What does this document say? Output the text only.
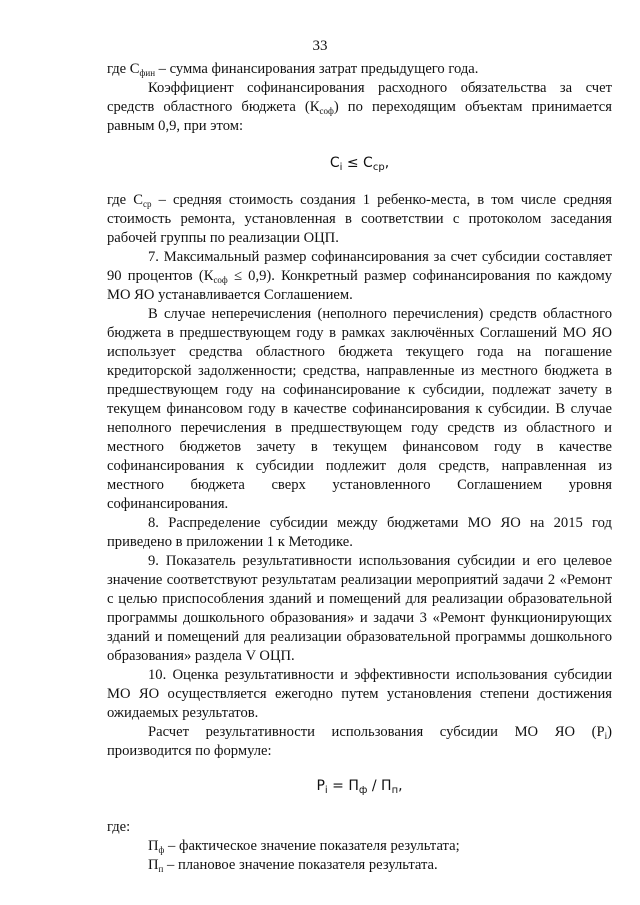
33

где $С_{фин}$ – сумма финансирования затрат предыдущего года.

Коэффициент софинансирования расходного обязательства за счет средств областного бюджета $(К_{соф})$ по переходящим объектам принимается равным 0,9, при этом:

$C_i \le C_{ср}$,

где $С_{ср}$ – средняя стоимость создания 1 ребенко-места, в том числе средняя стоимость ремонта, установленная в соответствии с протоколом заседания рабочей группы по реализации ОЦП.

7. Максимальный размер софинансирования за счет субсидии составляет 90 процентов $(К_{соф} \le 0,9)$. Конкретный размер софинансирования по каждому МО ЯО устанавливается Соглашением.

В случае неперечисления (неполного перечисления) средств областного бюджета в предшествующем году в рамках заключённых Соглашений МО ЯО использует средства областного бюджета текущего года на погашение кредиторской задолженности; средства, направленные из местного бюджета в предшествующем году на софинансирование к субсидии, подлежат зачету в текущем финансовом году в качестве софинансирования к субсидии. В случае неполного перечисления в предшествующем году средств из областного и местного бюджетов зачету в текущем финансовом году в качестве софинансирования к субсидии подлежит доля средств, направленная из местного бюджета сверх установленного Соглашением уровня софинансирования.

8. Распределение субсидии между бюджетами МО ЯО на 2015 год приведено в приложении 1 к Методике.

9. Показатель результативности использования субсидии и его целевое значение соответствуют результатам реализации мероприятий задачи 2 «Ремонт с целью приспособления зданий и помещений для реализации образовательной программы дошкольного образования» и задачи 3 «Ремонт функционирующих зданий и помещений для реализации образовательной программы дошкольного образования» раздела V ОЦП.

10. Оценка результативности и эффективности использования субсидии МО ЯО осуществляется ежегодно путем установления степени достижения ожидаемых результатов.

Расчет результативности использования субсидии МО ЯО $(Р_i)$ производится по формуле:

$P_i = П_ф / П_п$,

где:

$П_ф$ – фактическое значение показателя результата;

$П_п$ – плановое значение показателя результата.
